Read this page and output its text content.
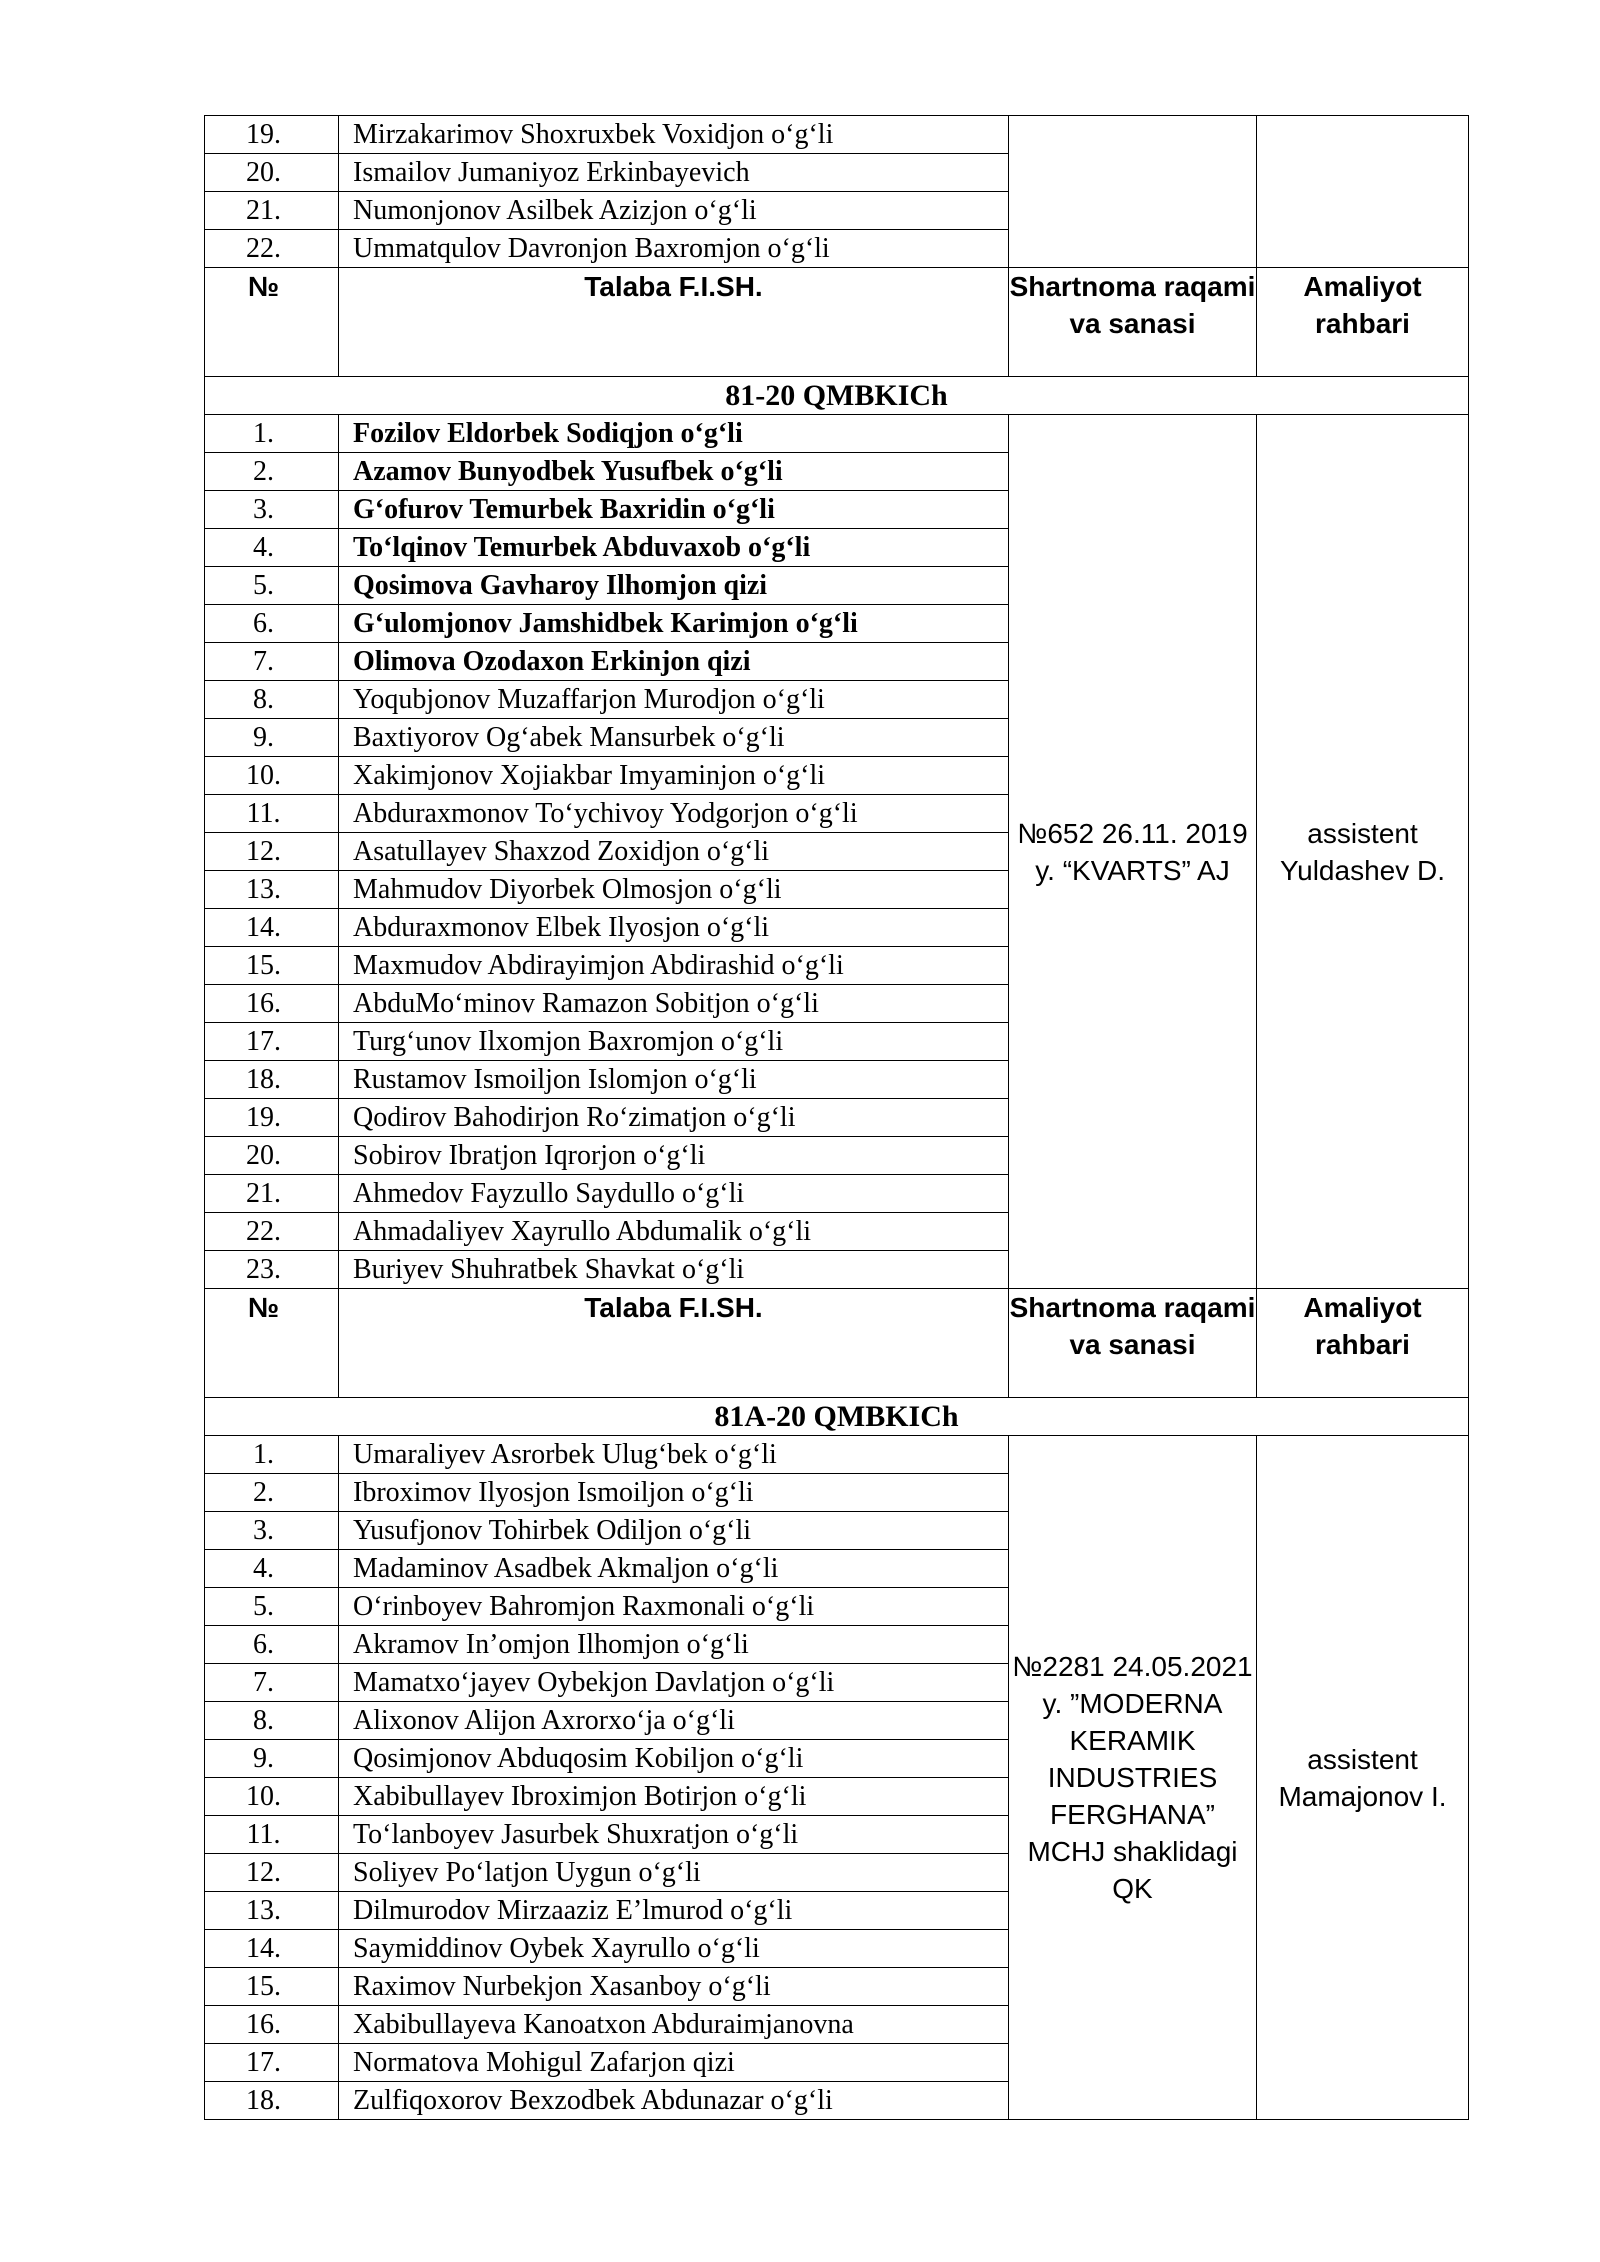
19.	Mirzakarimov Shoxruxbek Voxidjon o‘g‘li		
20.	Ismailov Jumaniyoz Erkinbayevich		
21.	Numonjonov Asilbek Azizjon o‘g‘li		
22.	Ummatqulov Davronjon Baxromjon o‘g‘li		
№	Talaba F.I.SH.	Shartnoma raqami va sanasi	Amaliyot rahbari
81-20 QMBKICh			
1.	Fozilov Eldorbek Sodiqjon o‘g‘li	№652 26.11. 2019 y. “KVARTS” AJ	assistent Yuldashev D.
2.	Azamov Bunyodbek Yusufbek o‘g‘li		
3.	G‘ofurov Temurbek Baxridin o‘g‘li		
4.	To‘lqinov Temurbek Abduvaxob o‘g‘li		
5.	Qosimova Gavharoy Ilhomjon qizi		
6.	G‘ulomjonov Jamshidbek Karimjon o‘g‘li		
7.	Olimova Ozodaxon Erkinjon qizi		
8.	Yoqubjonov Muzaffarjon Murodjon o‘g‘li		
9.	Baxtiyorov Og‘abek Mansurbek o‘g‘li		
10.	Xakimjonov Xojiakbar Imyaminjon o‘g‘li		
11.	Abduraxmonov To‘ychivoy Yodgorjon o‘g‘li		
12.	Asatullayev Shaxzod Zoxidjon o‘g‘li		
13.	Mahmudov Diyorbek Olmosjon o‘g‘li		
14.	Abduraxmonov Elbek Ilyosjon o‘g‘li		
15.	Maxmudov Abdirayimjon Abdirashid o‘g‘li		
16.	AbduMo‘minov Ramazon Sobitjon o‘g‘li		
17.	Turg‘unov Ilxomjon Baxromjon o‘g‘li		
18.	Rustamov Ismoiljon Islomjon o‘g‘li		
19.	Qodirov Bahodirjon Ro‘zimatjon o‘g‘li		
20.	Sobirov Ibratjon Iqrorjon o‘g‘li		
21.	Ahmedov Fayzullo Saydullo o‘g‘li		
22.	Ahmadaliyev Xayrullo Abdumalik o‘g‘li		
23.	Buriyev Shuhratbek Shavkat o‘g‘li		
№	Talaba F.I.SH.	Shartnoma raqami va sanasi	Amaliyot rahbari
81A-20 QMBKICh			
1.	Umaraliyev Asrorbek Ulug‘bek o‘g‘li	№2281 24.05.2021 y. ”MODERNA KERAMIK INDUSTRIES FERGHANA” MCHJ shaklidagi QK	assistent Mamajonov I.
2.	Ibroximov Ilyosjon Ismoiljon o‘g‘li		
3.	Yusufjonov Tohirbek Odiljon o‘g‘li		
4.	Madaminov Asadbek Akmaljon o‘g‘li		
5.	O‘rinboyev Bahromjon Raxmonali o‘g‘li		
6.	Akramov In’omjon Ilhomjon o‘g‘li		
7.	Mamatxo‘jayev Oybekjon Davlatjon o‘g‘li		
8.	Alixonov Alijon Axrorxo‘ja o‘g‘li		
9.	Qosimjonov Abduqosim Kobiljon o‘g‘li		
10.	Xabibullayev Ibroximjon Botirjon o‘g‘li		
11.	To‘lanboyev Jasurbek Shuxratjon o‘g‘li		
12.	Soliyev Po‘latjon Uygun o‘g‘li		
13.	Dilmurodov Mirzaaziz E’lmurod o‘g‘li		
14.	Saymiddinov Oybek Xayrullo o‘g‘li		
15.	Raximov Nurbekjon Xasanboy o‘g‘li		
16.	Xabibullayeva Kanoatxon Abduraimjanovna		
17.	Normatova Mohigul Zafarjon qizi		
18.	Zulfiqoxorov Bexzodbek Abdunazar o‘g‘li		
